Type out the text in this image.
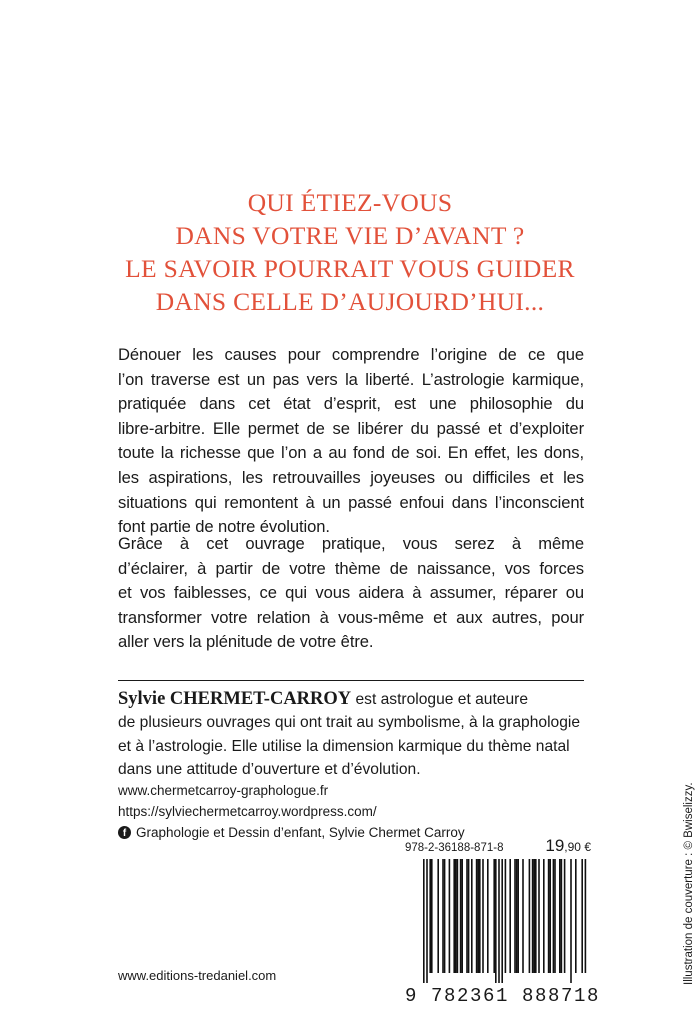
QUI ÉTIEZ-VOUS
DANS VOTRE VIE D’AVANT ?
LE SAVOIR POURRAIT VOUS GUIDER
DANS CELLE D’AUJOURD’HUI...
Dénouer les causes pour comprendre l’origine de ce que
l’on traverse est un pas vers la liberté. L’astrologie karmique,
pratiquée dans cet état d’esprit, est une philosophie du
libre-arbitre. Elle permet de se libérer du passé et d’exploiter
toute la richesse que l’on a au fond de soi. En effet, les dons,
les aspirations, les retrouvailles joyeuses ou difficiles et les
situations qui remontent à un passé enfoui dans l’inconscient
font partie de notre évolution.
Grâce à cet ouvrage pratique, vous serez à même
d’éclairer, à partir de votre thème de naissance, vos forces
et vos faiblesses, ce qui vous aidera à assumer, réparer ou
transformer votre relation à vous-même et aux autres, pour
aller vers la plénitude de votre être.
Sylvie CHERMET-CARROY est astrologue et auteure
de plusieurs ouvrages qui ont trait au symbolisme, à la graphologie
et à l’astrologie. Elle utilise la dimension karmique du thème natal
dans une attitude d’ouverture et d’évolution.
www.chermetcarroy-graphologue.fr
https://sylviechermetcarroy.wordpress.com/
f Graphologie et Dessin d’enfant, Sylvie Chermet Carroy
978-2-36188-871-8 19,90 €
9 782361 888718
www.editions-tredaniel.com	Illustration de couverture : © Bwiselizzy.
